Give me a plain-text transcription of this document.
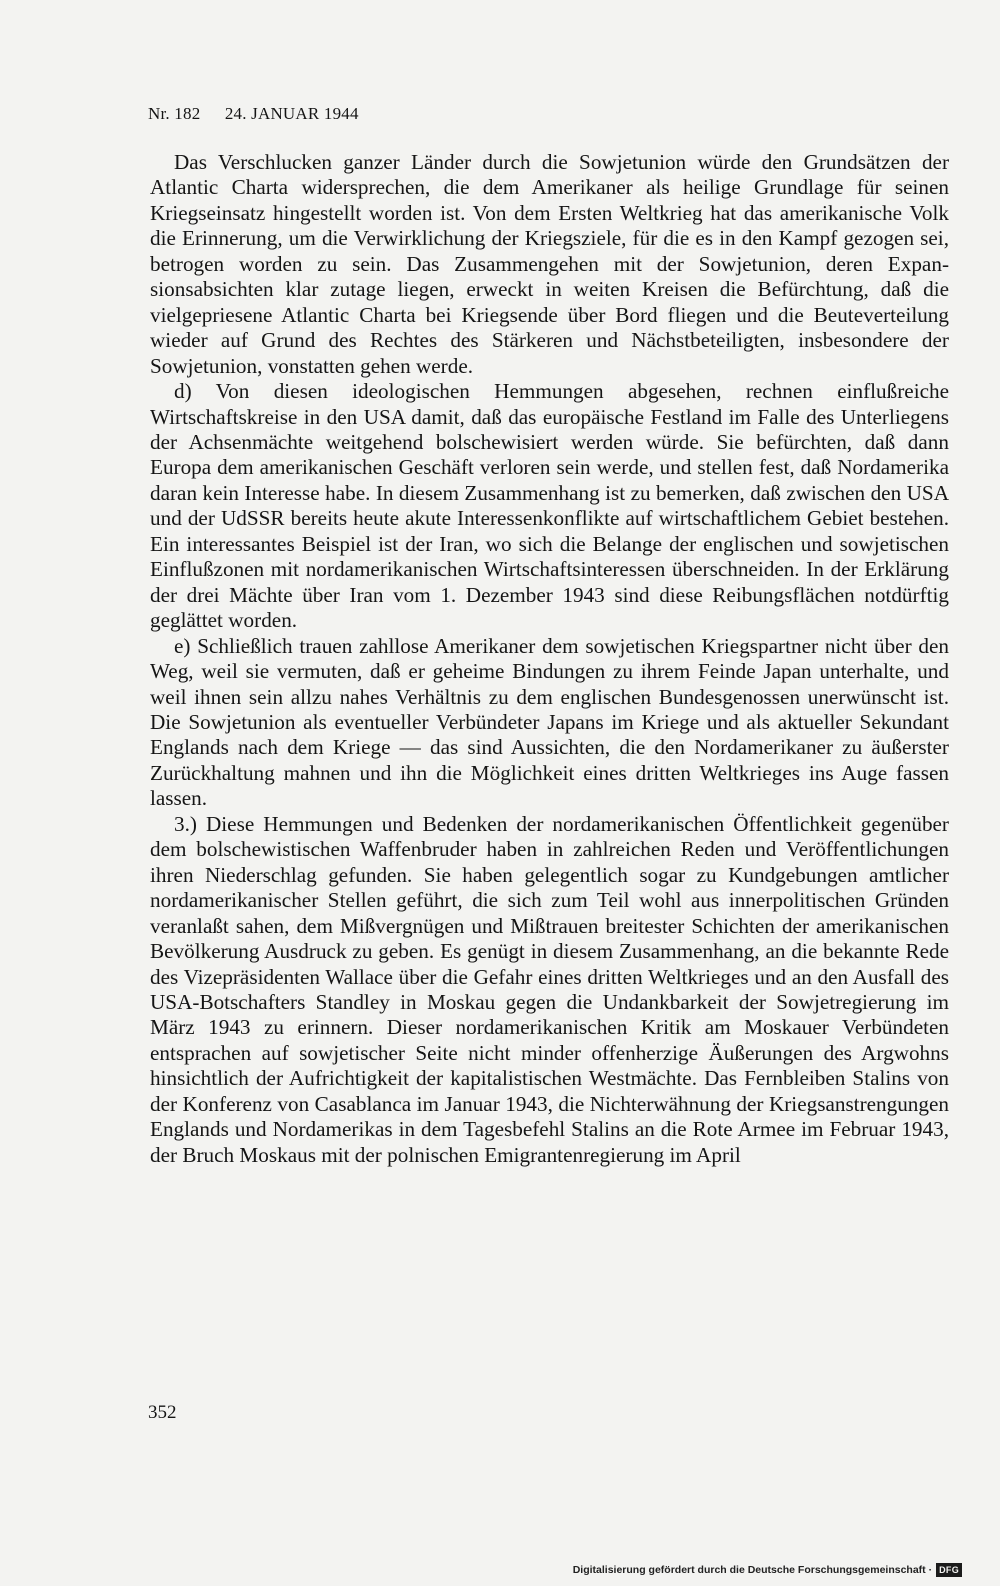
Nr. 182 24. JANUAR 1944

Das Verschlucken ganzer Länder durch die Sowjetunion würde den Grundsätzen der Atlantic Charta widersprechen, die dem Amerikaner als heilige Grundlage für seinen Kriegseinsatz hingestellt worden ist. Von dem Ersten Weltkrieg hat das amerikanische Volk die Erinnerung, um die Verwirklichung der Kriegsziele, für die es in den Kampf gezogen sei, betrogen worden zu sein. Das Zusammengehen mit der Sowjetunion, deren Expansionsabsichten klar zutage liegen, erweckt in weiten Kreisen die Befürchtung, daß die vielgepriesene Atlantic Charta bei Kriegsende über Bord fliegen und die Beuteverteilung wieder auf Grund des Rechtes des Stärkeren und Nächstbeteiligten, insbesondere der Sowjetunion, vonstatten gehen werde.

d) Von diesen ideologischen Hemmungen abgesehen, rechnen einflußreiche Wirtschaftskreise in den USA damit, daß das europäische Festland im Falle des Unterliegens der Achsenmächte weitgehend bolschewisiert werden würde. Sie befürchten, daß dann Europa dem amerikanischen Geschäft verloren sein werde, und stellen fest, daß Nordamerika daran kein Interesse habe. In diesem Zusammenhang ist zu bemerken, daß zwischen den USA und der UdSSR bereits heute akute Interessenkonflikte auf wirtschaftlichem Gebiet bestehen. Ein interessantes Beispiel ist der Iran, wo sich die Belange der englischen und sowjetischen Einflußzonen mit nordamerikanischen Wirtschaftsinteressen überschneiden. In der Erklärung der drei Mächte über Iran vom 1. Dezember 1943 sind diese Reibungsflächen notdürftig geglättet worden.

e) Schließlich trauen zahllose Amerikaner dem sowjetischen Kriegspartner nicht über den Weg, weil sie vermuten, daß er geheime Bindungen zu ihrem Feinde Japan unterhalte, und weil ihnen sein allzu nahes Verhältnis zu dem englischen Bundesgenossen unerwünscht ist. Die Sowjetunion als eventueller Verbündeter Japans im Kriege und als aktueller Sekundant Englands nach dem Kriege — das sind Aussichten, die den Nordamerikaner zu äußerster Zurückhaltung mahnen und ihn die Möglichkeit eines dritten Weltkrieges ins Auge fassen lassen.

3.) Diese Hemmungen und Bedenken der nordamerikanischen Öffentlichkeit gegenüber dem bolschewistischen Waffenbruder haben in zahlreichen Reden und Veröffentlichungen ihren Niederschlag gefunden. Sie haben gelegentlich sogar zu Kundgebungen amtlicher nordamerikanischer Stellen geführt, die sich zum Teil wohl aus innerpolitischen Gründen veranlaßt sahen, dem Mißvergnügen und Mißtrauen breitester Schichten der amerikanischen Bevölkerung Ausdruck zu geben. Es genügt in diesem Zusammenhang, an die bekannte Rede des Vizepräsidenten Wallace über die Gefahr eines dritten Weltkrieges und an den Ausfall des USA-Botschafters Standley in Moskau gegen die Undankbarkeit der Sowjetregierung im März 1943 zu erinnern. Dieser nordamerikanischen Kritik am Moskauer Verbündeten entsprachen auf sowjetischer Seite nicht minder offenherzige Äußerungen des Argwohns hinsichtlich der Aufrichtigkeit der kapitalistischen Westmächte. Das Fernbleiben Stalins von der Konferenz von Casablanca im Januar 1943, die Nichterwähnung der Kriegsanstrengungen Englands und Nordamerikas in dem Tagesbefehl Stalins an die Rote Armee im Februar 1943, der Bruch Moskaus mit der polnischen Emigrantenregierung im April

352
Digitalisierung gefördert durch die Deutsche Forschungsgemeinschaft · DFG
